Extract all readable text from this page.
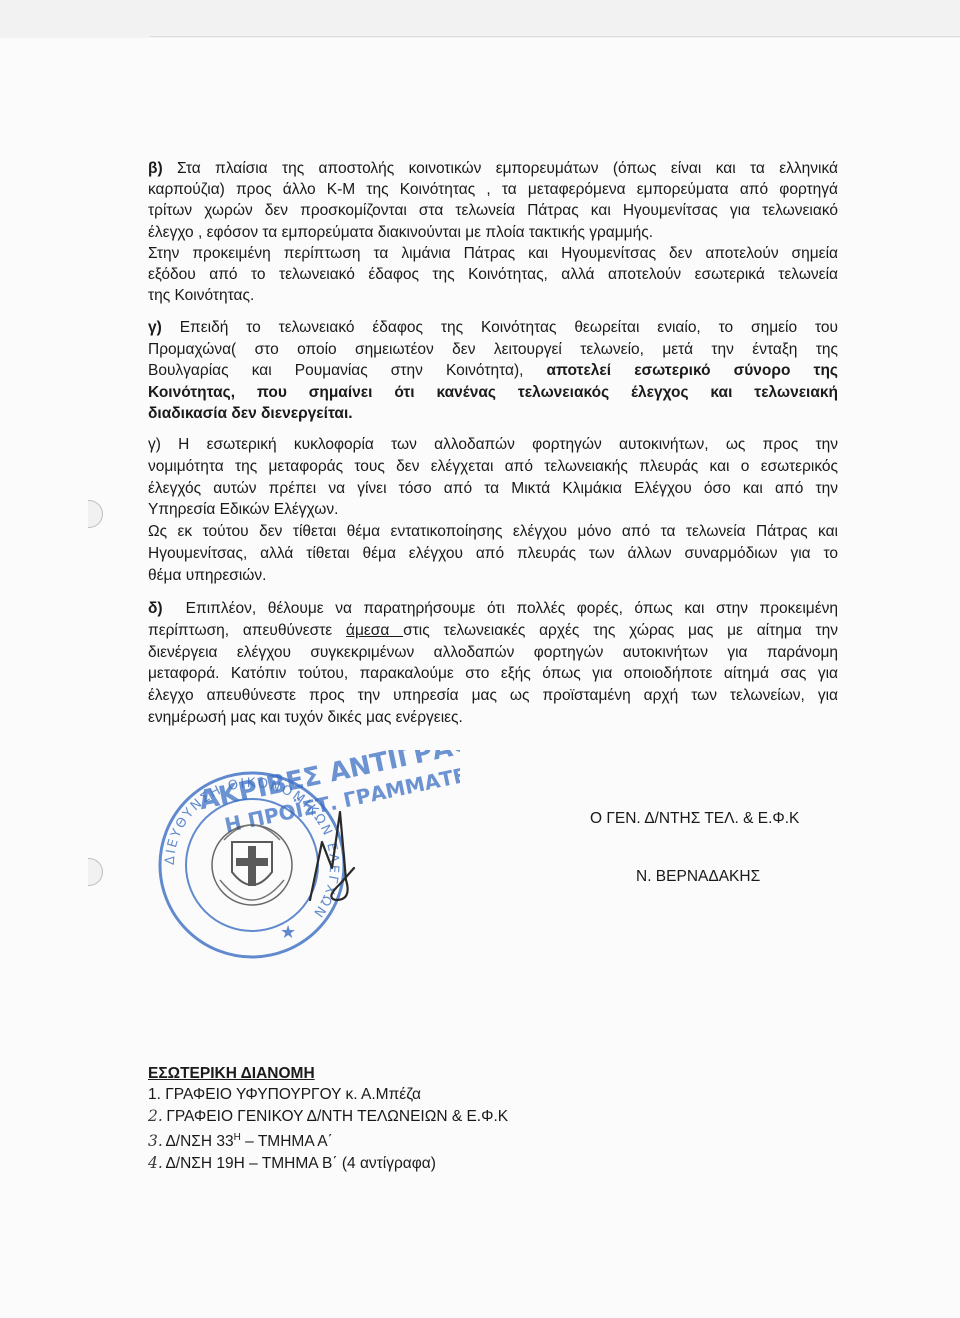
β) Στα πλαίσια της αποστολής κοινοτικών εμπορευμάτων (όπως είναι και τα ελληνικά
καρπούζια) προς άλλο Κ-Μ της Κοινότητας , τα μεταφερόμενα εμπορεύματα από φορτηγά
τρίτων χωρών δεν προσκομίζονται στα τελωνεία Πάτρας και Ηγουμενίτσας για τελωνειακό
έλεγχο , εφόσον τα εμπορεύματα διακινούνται με πλοία τακτικής γραμμής.
Στην προκειμένη περίπτωση τα λιμάνια Πάτρας και Ηγουμενίτσας δεν αποτελούν σημεία
εξόδου από το τελωνειακό έδαφος της Κοινότητας, αλλά αποτελούν εσωτερικά τελωνεία
της Κοινότητας.
γ) Επειδή το τελωνειακό έδαφος της Κοινότητας θεωρείται ενιαίο, το σημείο του
Προμαχώνα( στο οποίο σημειωτέον δεν λειτουργεί τελωνείο, μετά την ένταξη της
Βουλγαρίας και Ρουμανίας στην Κοινότητα), αποτελεί εσωτερικό σύνορο της
Κοινότητας, που σημαίνει ότι κανένας τελωνειακός έλεγχος και τελωνειακή
διαδικασία δεν διενεργείται.
γ) Η εσωτερική κυκλοφορία των αλλοδαπών φορτηγών αυτοκινήτων, ως προς την
νομιμότητα της μεταφοράς τους δεν ελέγχεται από τελωνειακής πλευράς και ο εσωτερικός
έλεγχός αυτών πρέπει να γίνει τόσο από τα Μικτά Κλιμάκια Ελέγχου όσο και από την
Υπηρεσία Εδικών Ελέγχων.
Ως εκ τούτου δεν τίθεται θέμα εντατικοποίησης ελέγχου μόνο από τα τελωνεία Πάτρας και
Ηγουμενίτσας, αλλά τίθεται θέμα ελέγχου από πλευράς των άλλων συναρμόδιων για το
θέμα υπηρεσιών.
δ) Επιπλέον, θέλουμε να παρατηρήσουμε ότι πολλές φορές, όπως και στην προκειμένη
περίπτωση, απευθύνεστε άμεσα στις τελωνειακές αρχές της χώρας μας με αίτημα την
διενέργεια ελέγχου συγκεκριμένων αλλοδαπών φορτηγών αυτοκινήτων για παράνομη
μεταφορά. Κατόπιν τούτου, παρακαλούμε στο εξής όπως για οποιοδήποτε αίτημά σας για
έλεγχο απευθύνεστε προς την υπηρεσία μας ως προϊσταμένη αρχή των τελωνείων, για
ενημέρωσή μας και τυχόν δικές μας ενέργειες.
ΑΚΡΙΒΕΣ ΑΝΤΙΓΡΑΦΟ
Η ΠΡΟΪΣΤ. ΓΡΑΜΜΑΤΕΙΑΣ
ΔΙΕΥΘΥΝΣΗ ΟΙΚΟΝΟΜΙΚΩΝ ΕΛΕΓΧΩΝ
★
Ο ΓΕΝ. Δ/ΝΤΗΣ ΤΕΛ. & Ε.Φ.Κ
Ν. ΒΕΡΝΑΔΑΚΗΣ
ΕΣΩΤΕΡΙΚΗ ΔΙΑΝΟΜΗ
1. ΓΡΑΦΕΙΟ ΥΦΥΠΟΥΡΓΟΥ κ. Α.Μπέζα
2. ΓΡΑΦΕΙΟ ΓΕΝΙΚΟΥ Δ/ΝΤΗ ΤΕΛΩΝΕΙΩΝ & Ε.Φ.Κ
3. Δ/ΝΣΗ $33^H$ – ΤΜΗΜΑ Α΄
4. Δ/ΝΣΗ 19Η – ΤΜΗΜΑ Β΄ (4 αντίγραφα)
